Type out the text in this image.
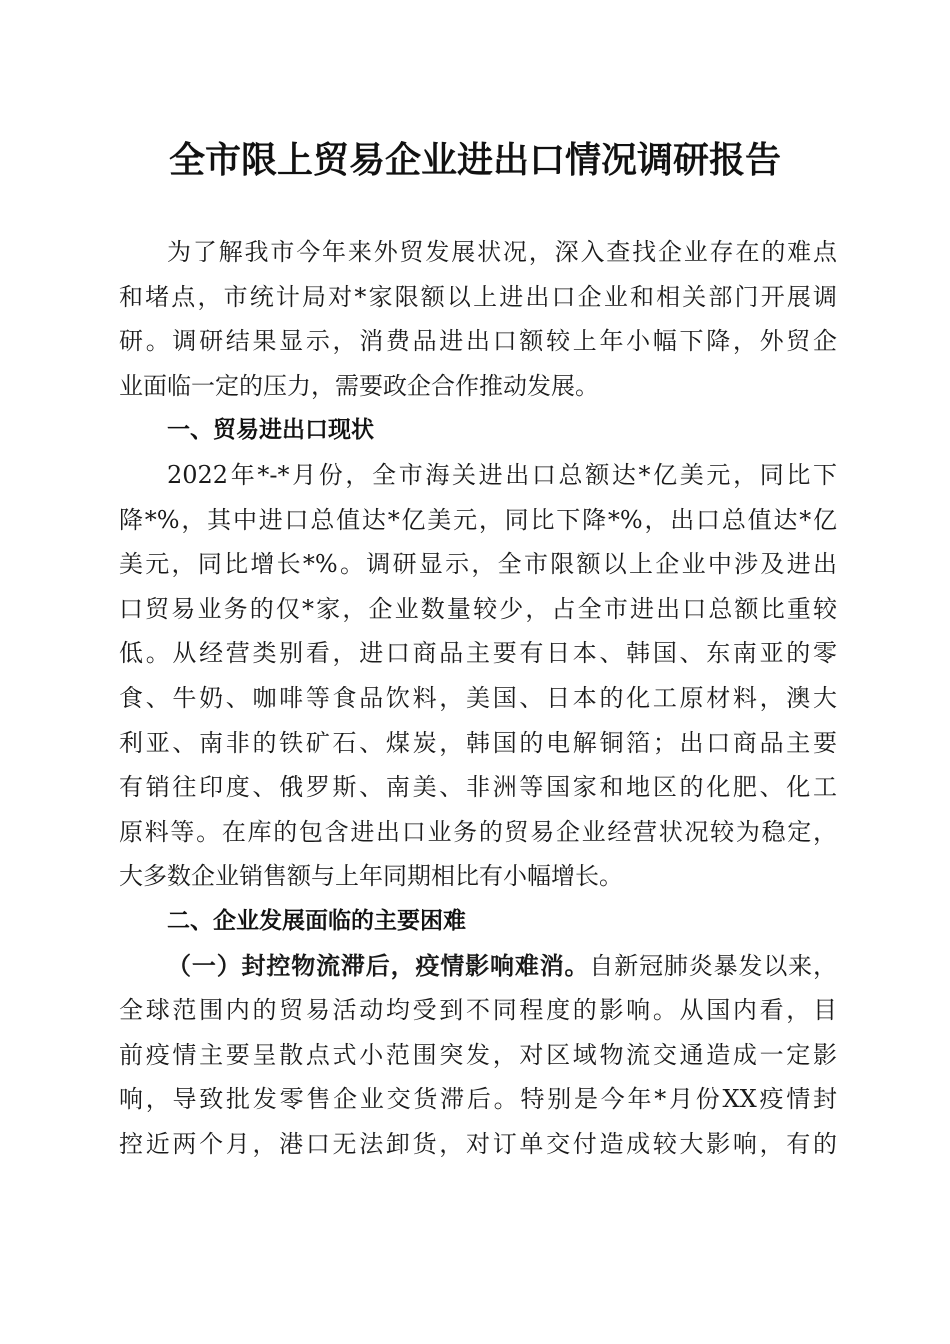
全市限上贸易企业进出口情况调研报告
为了解我市今年来外贸发展状况，深入查找企业存在的难点
和堵点，市统计局对*家限额以上进出口企业和相关部门开展调
研。调研结果显示，消费品进出口额较上年小幅下降，外贸企
业面临一定的压力，需要政企合作推动发展。

一、贸易进出口现状

2022年*-*月份，全市海关进出口总额达*亿美元，同比下
降*%，其中进口总值达*亿美元，同比下降*%，出口总值达*亿
美元，同比增长*%。调研显示，全市限额以上企业中涉及进出
口贸易业务的仅*家，企业数量较少，占全市进出口总额比重较
低。从经营类别看，进口商品主要有日本、韩国、东南亚的零
食、牛奶、咖啡等食品饮料，美国、日本的化工原材料，澳大
利亚、南非的铁矿石、煤炭，韩国的电解铜箔；出口商品主要
有销往印度、俄罗斯、南美、非洲等国家和地区的化肥、化工
原料等。在库的包含进出口业务的贸易企业经营状况较为稳定，
大多数企业销售额与上年同期相比有小幅增长。

二、企业发展面临的主要困难

（一）封控物流滞后，疫情影响难消。自新冠肺炎暴发以来，
全球范围内的贸易活动均受到不同程度的影响。从国内看，目
前疫情主要呈散点式小范围突发，对区域物流交通造成一定影
响，导致批发零售企业交货滞后。特别是今年*月份XX疫情封
控近两个月，港口无法卸货，对订单交付造成较大影响，有的
